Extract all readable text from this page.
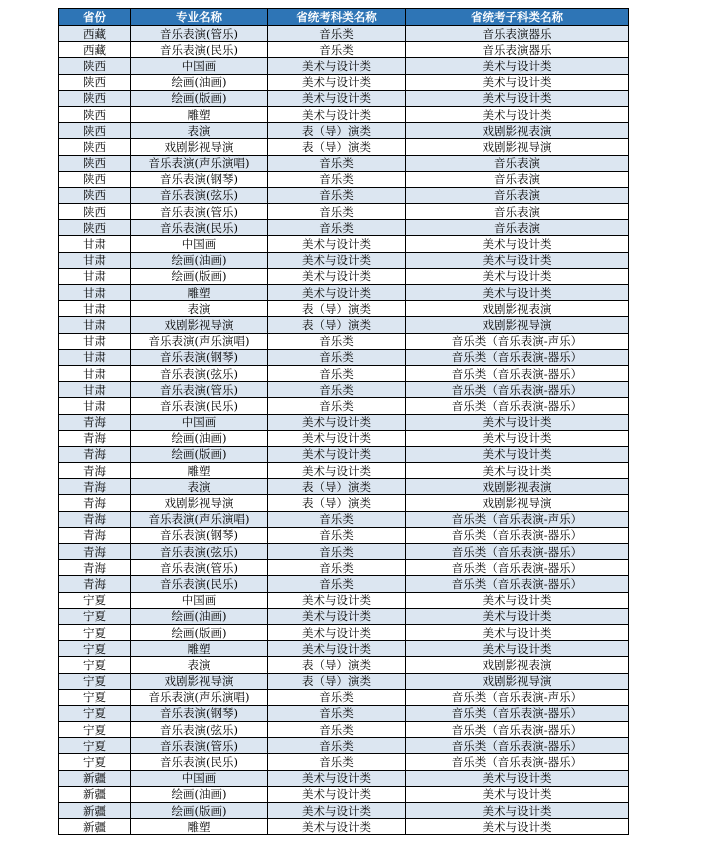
省份	专业名称	省统考科类名称	省统考子科类名称
西藏	音乐表演(管乐)	音乐类	音乐表演器乐
西藏	音乐表演(民乐)	音乐类	音乐表演器乐
陕西	中国画	美术与设计类	美术与设计类
陕西	绘画(油画)	美术与设计类	美术与设计类
陕西	绘画(版画)	美术与设计类	美术与设计类
陕西	雕塑	美术与设计类	美术与设计类
陕西	表演	表（导）演类	戏剧影视表演
陕西	戏剧影视导演	表（导）演类	戏剧影视导演
陕西	音乐表演(声乐演唱)	音乐类	音乐表演
陕西	音乐表演(钢琴)	音乐类	音乐表演
陕西	音乐表演(弦乐)	音乐类	音乐表演
陕西	音乐表演(管乐)	音乐类	音乐表演
陕西	音乐表演(民乐)	音乐类	音乐表演
甘肃	中国画	美术与设计类	美术与设计类
甘肃	绘画(油画)	美术与设计类	美术与设计类
甘肃	绘画(版画)	美术与设计类	美术与设计类
甘肃	雕塑	美术与设计类	美术与设计类
甘肃	表演	表（导）演类	戏剧影视表演
甘肃	戏剧影视导演	表（导）演类	戏剧影视导演
甘肃	音乐表演(声乐演唱)	音乐类	音乐类（音乐表演-声乐）
甘肃	音乐表演(钢琴)	音乐类	音乐类（音乐表演-器乐）
甘肃	音乐表演(弦乐)	音乐类	音乐类（音乐表演-器乐）
甘肃	音乐表演(管乐)	音乐类	音乐类（音乐表演-器乐）
甘肃	音乐表演(民乐)	音乐类	音乐类（音乐表演-器乐）
青海	中国画	美术与设计类	美术与设计类
青海	绘画(油画)	美术与设计类	美术与设计类
青海	绘画(版画)	美术与设计类	美术与设计类
青海	雕塑	美术与设计类	美术与设计类
青海	表演	表（导）演类	戏剧影视表演
青海	戏剧影视导演	表（导）演类	戏剧影视导演
青海	音乐表演(声乐演唱)	音乐类	音乐类（音乐表演-声乐）
青海	音乐表演(钢琴)	音乐类	音乐类（音乐表演-器乐）
青海	音乐表演(弦乐)	音乐类	音乐类（音乐表演-器乐）
青海	音乐表演(管乐)	音乐类	音乐类（音乐表演-器乐）
青海	音乐表演(民乐)	音乐类	音乐类（音乐表演-器乐）
宁夏	中国画	美术与设计类	美术与设计类
宁夏	绘画(油画)	美术与设计类	美术与设计类
宁夏	绘画(版画)	美术与设计类	美术与设计类
宁夏	雕塑	美术与设计类	美术与设计类
宁夏	表演	表（导）演类	戏剧影视表演
宁夏	戏剧影视导演	表（导）演类	戏剧影视导演
宁夏	音乐表演(声乐演唱)	音乐类	音乐类（音乐表演-声乐）
宁夏	音乐表演(钢琴)	音乐类	音乐类（音乐表演-器乐）
宁夏	音乐表演(弦乐)	音乐类	音乐类（音乐表演-器乐）
宁夏	音乐表演(管乐)	音乐类	音乐类（音乐表演-器乐）
宁夏	音乐表演(民乐)	音乐类	音乐类（音乐表演-器乐）
新疆	中国画	美术与设计类	美术与设计类
新疆	绘画(油画)	美术与设计类	美术与设计类
新疆	绘画(版画)	美术与设计类	美术与设计类
新疆	雕塑	美术与设计类	美术与设计类
